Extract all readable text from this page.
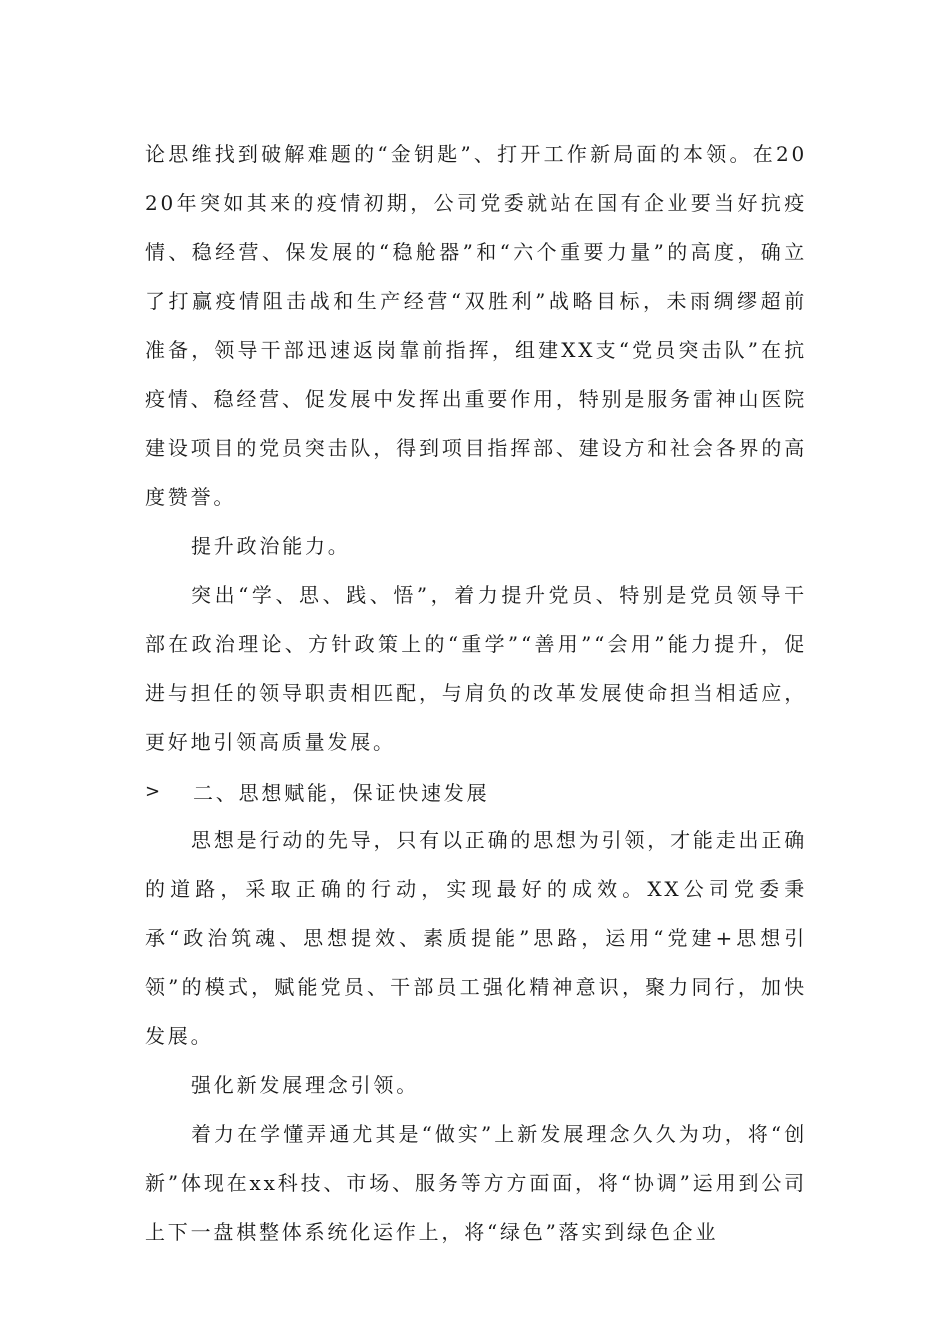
论思维找到破解难题的“金钥匙”、打开工作新局面的本领。在2020年突如其来的疫情初期，公司党委就站在国有企业要当好抗疫情、稳经营、保发展的“稳舱器”和“六个重要力量”的高度，确立了打赢疫情阻击战和生产经营“双胜利”战略目标，未雨绸缪超前准备，领导干部迅速返岗靠前指挥，组建XX支“党员突击队”在抗疫情、稳经营、促发展中发挥出重要作用，特别是服务雷神山医院建设项目的党员突击队，得到项目指挥部、建设方和社会各界的高度赞誉。

提升政治能力。

突出“学、思、践、悟”，着力提升党员、特别是党员领导干部在政治理论、方针政策上的“重学”“善用”“会用”能力提升，促进与担任的领导职责相匹配，与肩负的改革发展使命担当相适应，更好地引领高质量发展。

>	二、思想赋能，保证快速发展

思想是行动的先导，只有以正确的思想为引领，才能走出正确的道路，采取正确的行动，实现最好的成效。XX公司党委秉承“政治筑魂、思想提效、素质提能”思路，运用“党建+思想引领”的模式，赋能党员、干部员工强化精神意识，聚力同行，加快发展。

强化新发展理念引领。

着力在学懂弄通尤其是“做实”上新发展理念久久为功，将“创新”体现在xx科技、市场、服务等方方面面，将“协调”运用到公司上下一盘棋整体系统化运作上，将“绿色”落实到绿色企业
